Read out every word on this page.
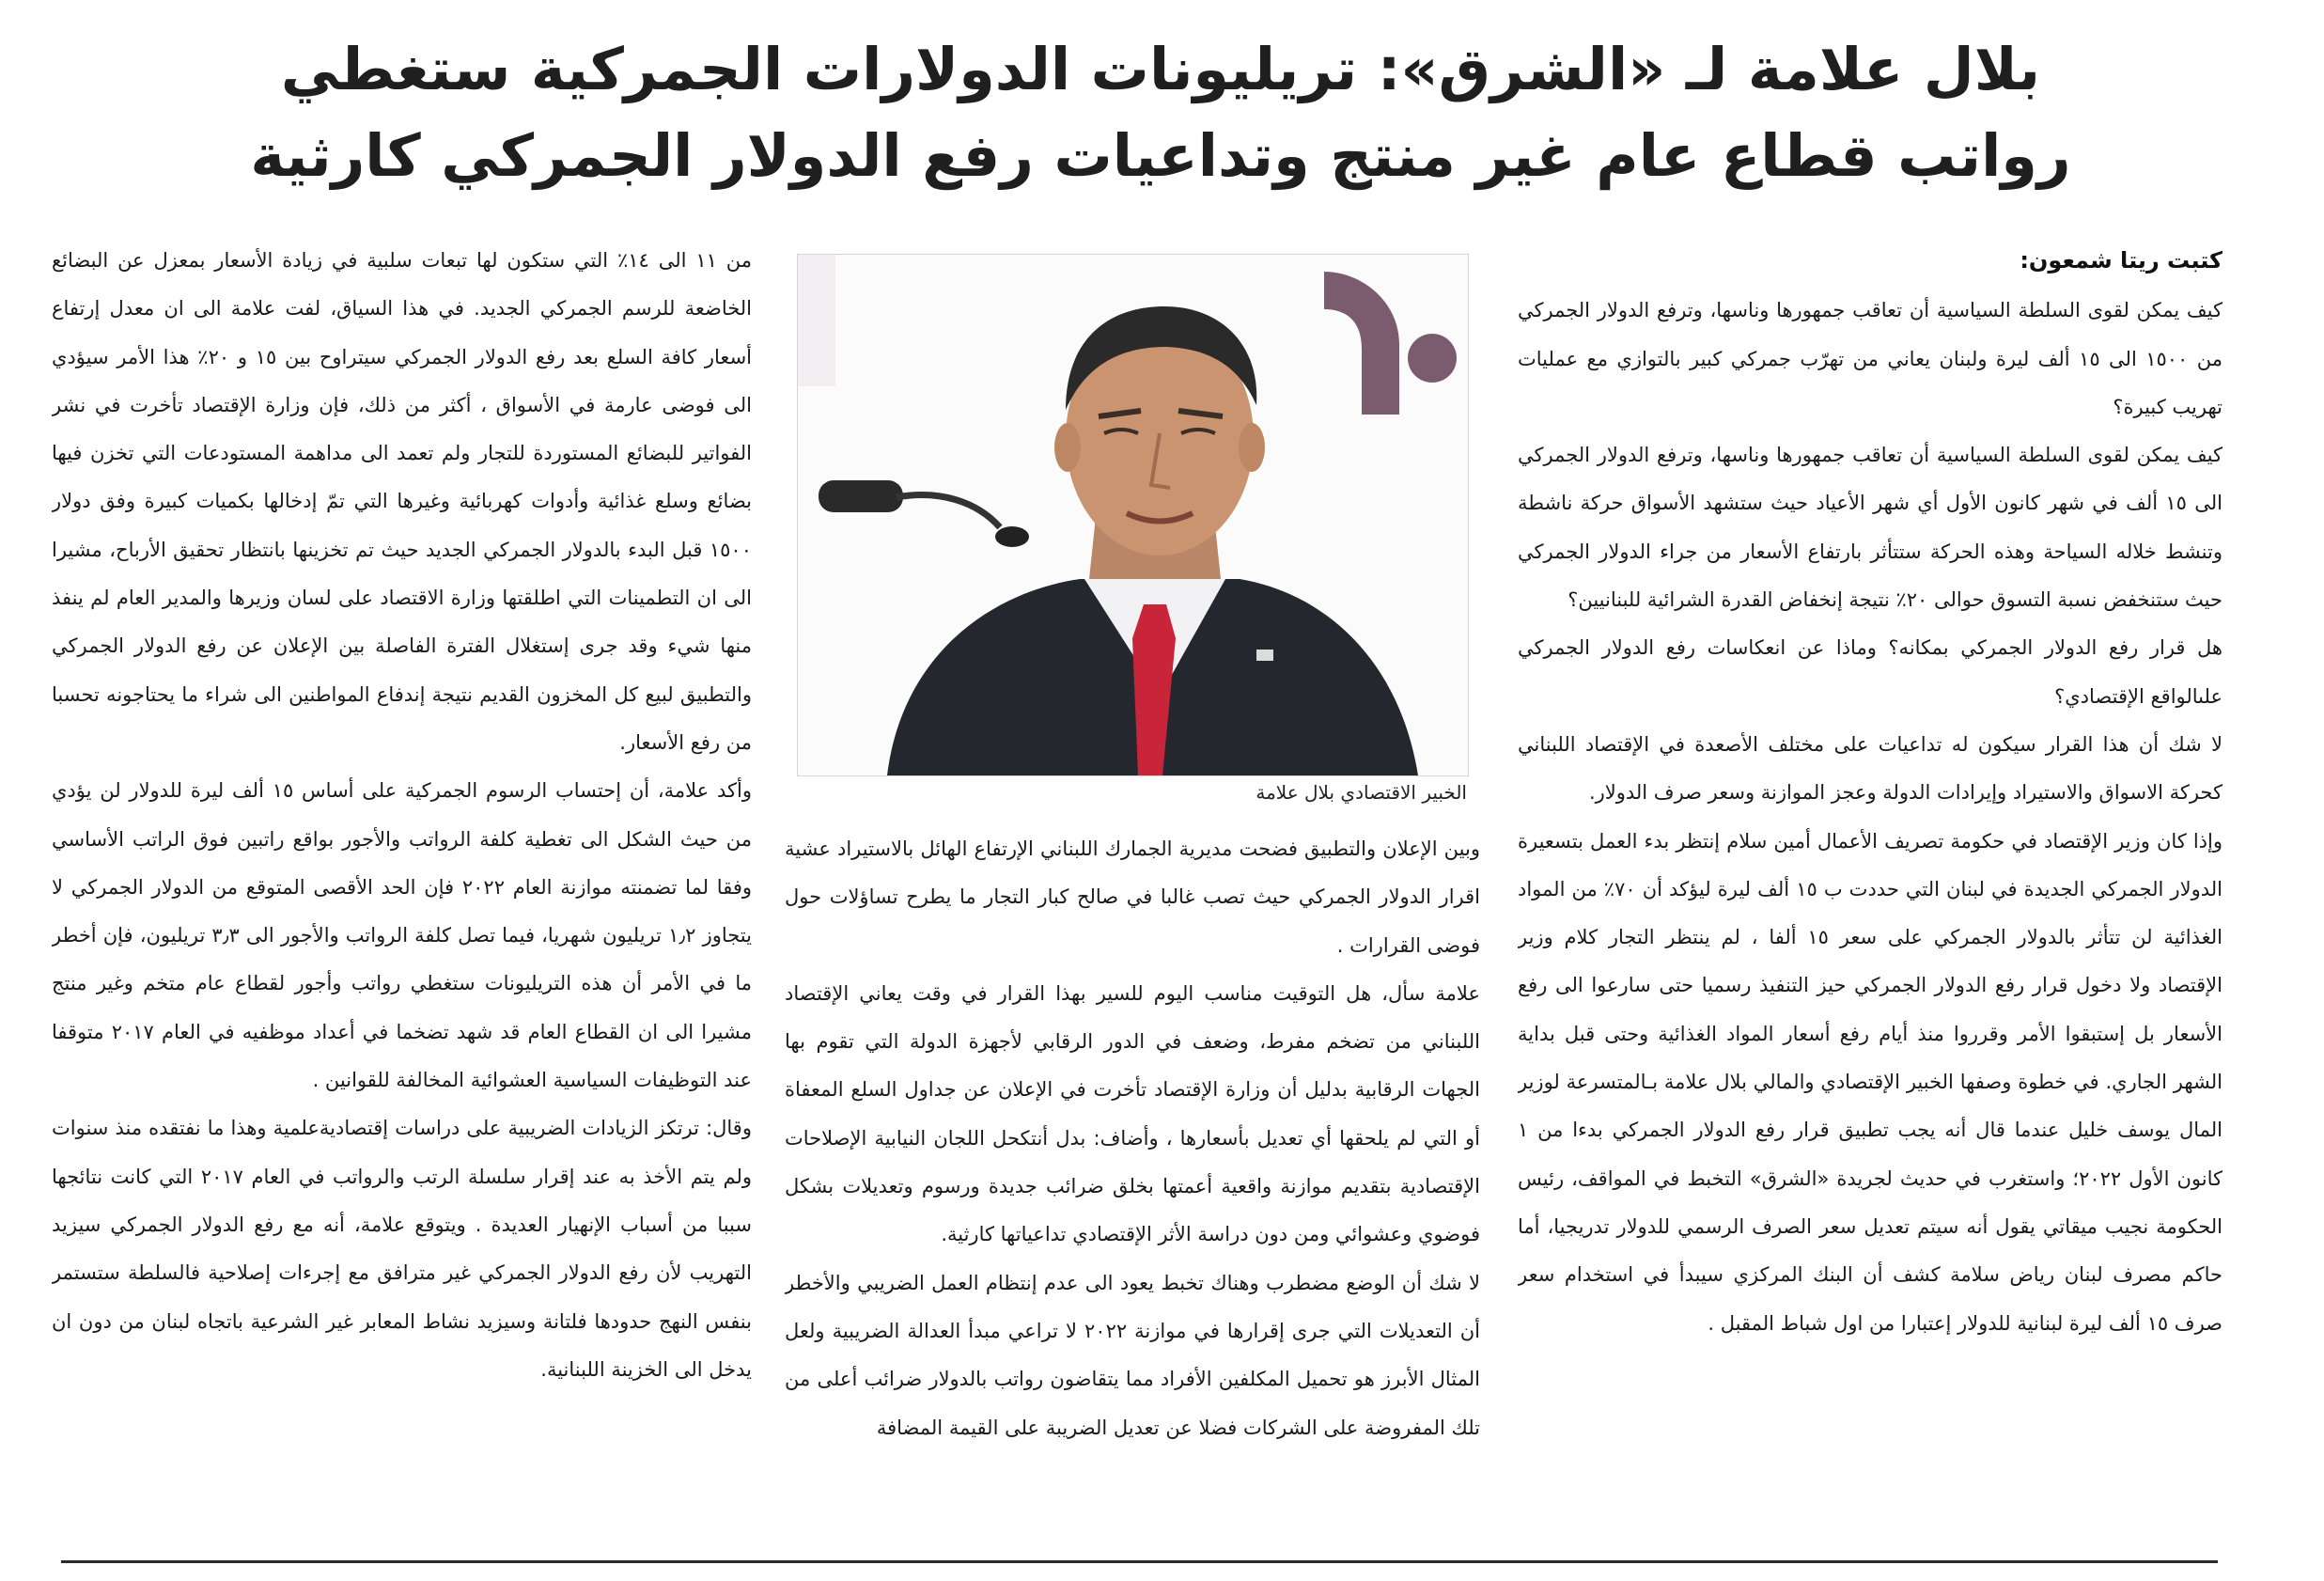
بلال علامة لـ «الشرق»: تريليونات الدولارات الجمركية ستغطي
رواتب قطاع عام غير منتج وتداعيات رفع الدولار الجمركي كارثية

كتبت ريتا شمعون:

كيف يمكن لقوى السلطة السياسية أن تعاقب جمهورها وناسها، وترفع الدولار الجمركي من ١٥٠٠ الى ١٥ ألف ليرة ولبنان يعاني من تهرّب جمركي كبير بالتوازي مع عمليات تهريب كبيرة؟

كيف يمكن لقوى السلطة السياسية أن تعاقب جمهورها وناسها، وترفع الدولار الجمركي الى ١٥ ألف في شهر كانون الأول أي شهر الأعياد حيث ستشهد الأسواق حركة ناشطة وتنشط خلاله السياحة وهذه الحركة ستتأثر بارتفاع الأسعار من جراء الدولار الجمركي حيث ستنخفض نسبة التسوق حوالى ٢٠٪ نتيجة إنخفاض القدرة الشرائية للبنانيين؟

هل قرار رفع الدولار الجمركي بمكانه؟ وماذا عن انعكاسات رفع الدولار الجمركي علىالواقع الإقتصادي؟

لا شك أن هذا القرار سيكون له تداعيات على مختلف الأصعدة في الإقتصاد اللبناني كحركة الاسواق والاستيراد وإيرادات الدولة وعجز الموازنة وسعر صرف الدولار.

وإذا كان وزير الإقتصاد في حكومة تصريف الأعمال أمين سلام إنتظر بدء العمل بتسعيرة الدولار الجمركي الجديدة في لبنان التي حددت ب ١٥ ألف ليرة ليؤكد أن ٧٠٪ من المواد الغذائية لن تتأثر بالدولار الجمركي على سعر ١٥ ألفا ، لم ينتظر التجار كلام وزير الإقتصاد ولا دخول قرار رفع الدولار الجمركي حيز التنفيذ رسميا حتى سارعوا الى رفع الأسعار بل إستبقوا الأمر وقرروا منذ أيام رفع أسعار المواد الغذائية وحتى قبل بداية الشهر الجاري. في خطوة وصفها الخبير الإقتصادي والمالي بلال علامة بـالمتسرعة لوزير المال يوسف خليل عندما قال أنه يجب تطبيق قرار رفع الدولار الجمركي بدءا من ١ كانون الأول ٢٠٢٢؛ واستغرب في حديث لجريدة «الشرق» التخبط في المواقف، رئيس الحكومة نجيب ميقاتي يقول أنه سيتم تعديل سعر الصرف الرسمي للدولار تدريجيا، أما حاكم مصرف لبنان رياض سلامة كشف أن البنك المركزي سيبدأ في استخدام سعر صرف ١٥ ألف ليرة لبنانية للدولار إعتبارا من اول شباط المقبل .

الخبير الاقتصادي بلال علامة

وبين الإعلان والتطبيق فضحت مديرية الجمارك اللبناني الإرتفاع الهائل بالاستيراد عشية اقرار الدولار الجمركي حيث تصب غالبا في صالح كبار التجار ما يطرح تساؤلات حول فوضى القرارات .

علامة سأل، هل التوقيت مناسب اليوم للسير بهذا القرار في وقت يعاني الإقتصاد اللبناني من تضخم مفرط، وضعف في الدور الرقابي لأجهزة الدولة التي تقوم بها الجهات الرقابية بدليل أن وزارة الإقتصاد تأخرت في الإعلان عن جداول السلع المعفاة أو التي لم يلحقها أي تعديل بأسعارها ، وأضاف: بدل أنتكحل اللجان النيابية الإصلاحات الإقتصادية بتقديم موازنة واقعية أعمتها بخلق ضرائب جديدة ورسوم وتعديلات بشكل فوضوي وعشوائي ومن دون دراسة الأثر الإقتصادي تداعياتها كارثية.

لا شك أن الوضع مضطرب وهناك تخبط يعود الى عدم إنتظام العمل الضريبي والأخطر أن التعديلات التي جرى إقرارها في موازنة ٢٠٢٢ لا تراعي مبدأ العدالة الضريبية ولعل المثال الأبرز هو تحميل المكلفين الأفراد مما يتقاضون رواتب بالدولار ضرائب أعلى من تلك المفروضة على الشركات فضلا عن تعديل الضريبة على القيمة المضافة

من ١١ الى ١٤٪ التي ستكون لها تبعات سلبية في زيادة الأسعار بمعزل عن البضائع الخاضعة للرسم الجمركي الجديد. في هذا السياق، لفت علامة الى ان معدل إرتفاع أسعار كافة السلع بعد رفع الدولار الجمركي سيتراوح بين ١٥ و ٢٠٪ هذا الأمر سيؤدي الى فوضى عارمة في الأسواق ، أكثر من ذلك، فإن وزارة الإقتصاد تأخرت في نشر الفواتير للبضائع المستوردة للتجار ولم تعمد الى مداهمة المستودعات التي تخزن فيها بضائع وسلع غذائية وأدوات كهربائية وغيرها التي تمّ إدخالها بكميات كبيرة وفق دولار ١٥٠٠ قبل البدء بالدولار الجمركي الجديد حيث تم تخزينها بانتظار تحقيق الأرباح، مشيرا الى ان التطمينات التي اطلقتها وزارة الاقتصاد على لسان وزيرها والمدير العام لم ينفذ منها شيء وقد جرى إستغلال الفترة الفاصلة بين الإعلان عن رفع الدولار الجمركي والتطبيق لبيع كل المخزون القديم نتيجة إندفاع المواطنين الى شراء ما يحتاجونه تحسبا من رفع الأسعار.

وأكد علامة، أن إحتساب الرسوم الجمركية على أساس ١٥ ألف ليرة للدولار لن يؤدي من حيث الشكل الى تغطية كلفة الرواتب والأجور بواقع راتبين فوق الراتب الأساسي وفقا لما تضمنته موازنة العام ٢٠٢٢ فإن الحد الأقصى المتوقع من الدولار الجمركي لا يتجاوز ١٫٢ تريليون شهريا، فيما تصل كلفة الرواتب والأجور الى ٣٫٣ تريليون، فإن أخطر ما في الأمر أن هذه التريليونات ستغطي رواتب وأجور لقطاع عام متخم وغير منتج مشيرا الى ان القطاع العام قد شهد تضخما في أعداد موظفيه في العام ٢٠١٧ متوقفا عند التوظيفات السياسية العشوائية المخالفة للقوانين .

وقال: ترتكز الزيادات الضريبية على دراسات إقتصاديةعلمية وهذا ما نفتقده منذ سنوات ولم يتم الأخذ به عند إقرار سلسلة الرتب والرواتب في العام ٢٠١٧ التي كانت نتائجها سببا من أسباب الإنهيار العديدة . ويتوقع علامة، أنه مع رفع الدولار الجمركي سيزيد التهريب لأن رفع الدولار الجمركي غير مترافق مع إجرءات إصلاحية فالسلطة ستستمر بنفس النهج حدودها فلتانة وسيزيد نشاط المعابر غير الشرعية باتجاه لبنان من دون ان يدخل الى الخزينة اللبنانية.
